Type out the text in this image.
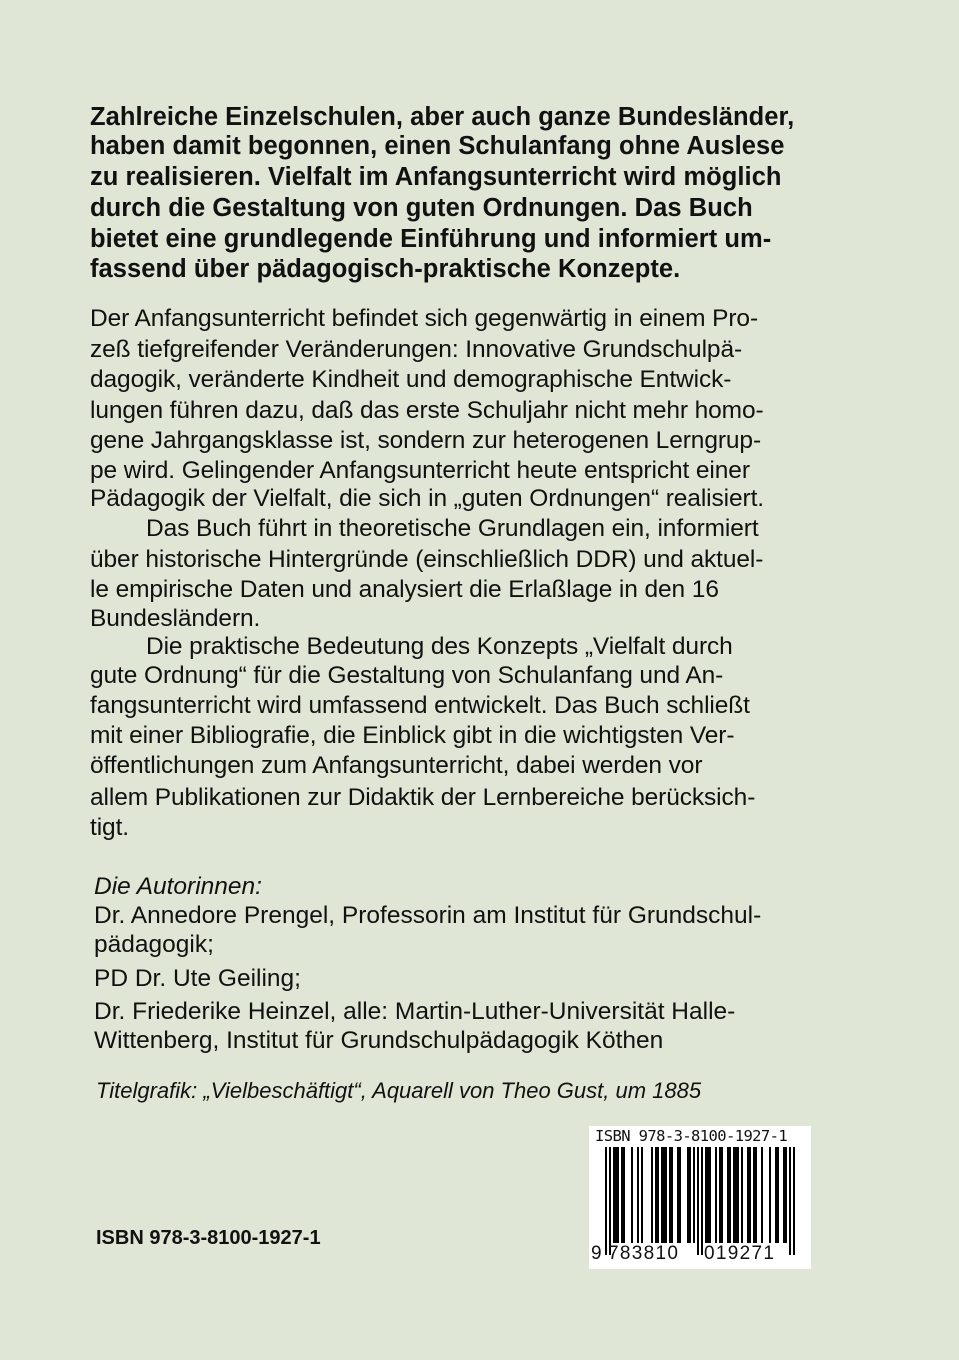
Zahlreiche Einzelschulen, aber auch ganze Bundesländer,

haben damit begonnen, einen Schulanfang ohne Auslese

zu realisieren. Vielfalt im Anfangsunterricht wird möglich

durch die Gestaltung von guten Ordnungen. Das Buch

bietet eine grundlegende Einführung und informiert um-

fassend über pädagogisch-praktische Konzepte.

Der Anfangsunterricht befindet sich gegenwärtig in einem Pro-

zeß tiefgreifender Veränderungen: Innovative Grundschulpä-

dagogik, veränderte Kindheit und demographische Entwick-

lungen führen dazu, daß das erste Schuljahr nicht mehr homo-

gene Jahrgangsklasse ist, sondern zur heterogenen Lerngrup-

pe wird. Gelingender Anfangsunterricht heute entspricht einer

Pädagogik der Vielfalt, die sich in „guten Ordnungen“ realisiert.

Das Buch führt in theoretische Grundlagen ein, informiert

über historische Hintergründe (einschließlich DDR) und aktuel-

le empirische Daten und analysiert die Erlaßlage in den 16

Bundesländern.

Die praktische Bedeutung des Konzepts „Vielfalt durch

gute Ordnung“ für die Gestaltung von Schulanfang und An-

fangsunterricht wird umfassend entwickelt. Das Buch schließt

mit einer Bibliografie, die Einblick gibt in die wichtigsten Ver-

öffentlichungen zum Anfangsunterricht, dabei werden vor

allem Publikationen zur Didaktik der Lernbereiche berücksich-

tigt.

Die Autorinnen:

Dr. Annedore Prengel, Professorin am Institut für Grundschul-

pädagogik;

PD Dr. Ute Geiling;

Dr. Friederike Heinzel, alle: Martin-Luther-Universität Halle-

Wittenberg, Institut für Grundschulpädagogik Köthen

Titelgrafik: „Vielbeschäftigt“, Aquarell von Theo Gust, um 1885
ISBN 978-3-8100-1927-1
ISBN 978-3-8100-1927-1
9 783810 019271
